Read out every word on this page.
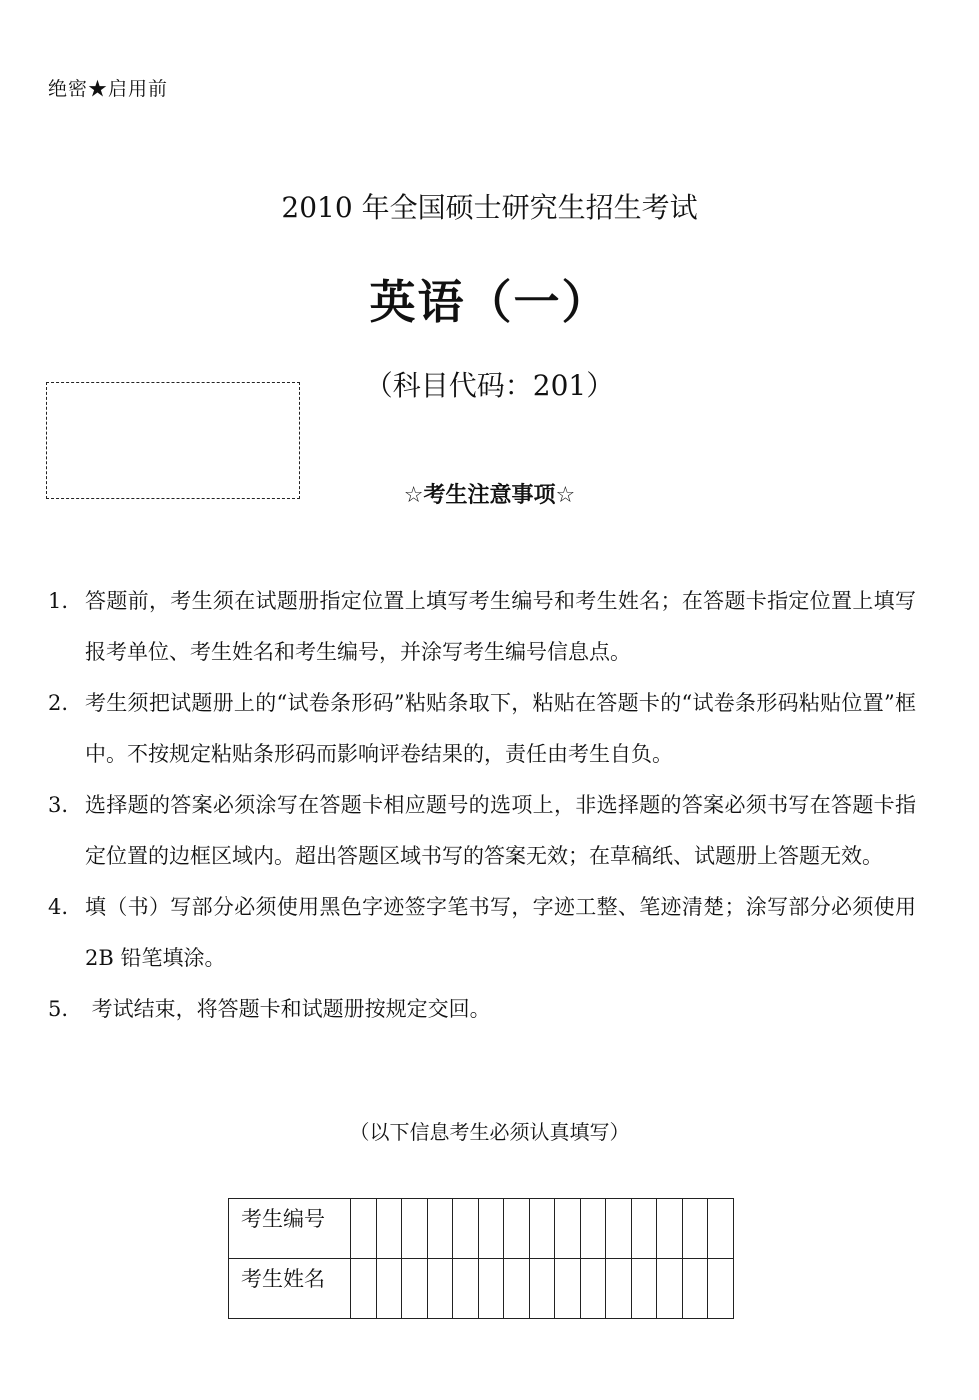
绝密★启用前
2010 年全国硕士研究生招生考试
英语（一）
（科目代码：201）
☆考生注意事项☆
1. 答题前，考生须在试题册指定位置上填写考生编号和考生姓名；在答题卡指定位置上填写报考单位、考生姓名和考生编号，并涂写考生编号信息点。
2. 考生须把试题册上的“试卷条形码”粘贴条取下，粘贴在答题卡的“试卷条形码粘贴位置”框中。不按规定粘贴条形码而影响评卷结果的，责任由考生自负。
3. 选择题的答案必须涂写在答题卡相应题号的选项上，非选择题的答案必须书写在答题卡指定位置的边框区域内。超出答题区域书写的答案无效；在草稿纸、试题册上答题无效。
4. 填（书）写部分必须使用黑色字迹签字笔书写，字迹工整、笔迹清楚；涂写部分必须使用 2B 铅笔填涂。
5. 考试结束，将答题卡和试题册按规定交回。
（以下信息考生必须认真填写）
考生编号															
考生姓名															
